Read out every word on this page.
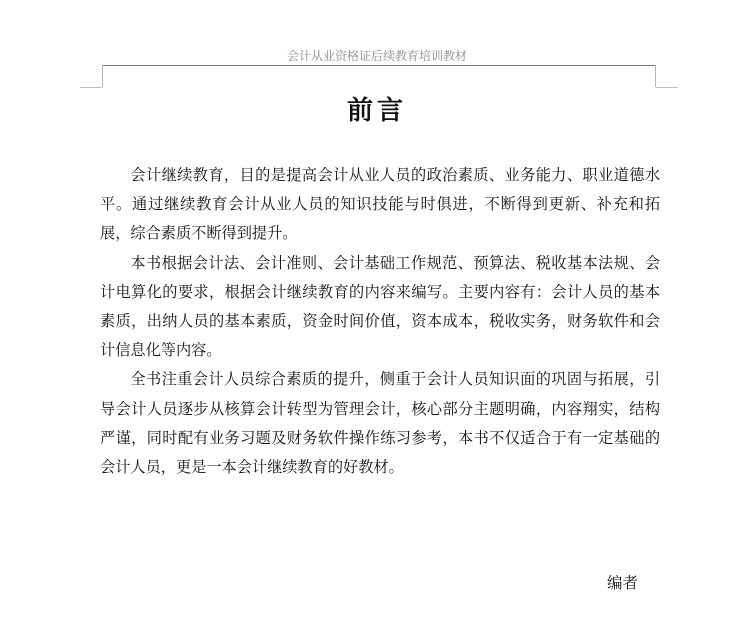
会计从业资格证后续教育培训教材
前言

会计继续教育，目的是提高会计从业人员的政治素质、业务能力、职业道德水平。通过继续教育会计从业人员的知识技能与时俱进，不断得到更新、补充和拓展，综合素质不断得到提升。

本书根据会计法、会计准则、会计基础工作规范、预算法、税收基本法规、会计电算化的要求，根据会计继续教育的内容来编写。主要内容有：会计人员的基本素质，出纳人员的基本素质，资金时间价值，资本成本，税收实务，财务软件和会计信息化等内容。

全书注重会计人员综合素质的提升，侧重于会计人员知识面的巩固与拓展，引导会计人员逐步从核算会计转型为管理会计，核心部分主题明确，内容翔实，结构严谨，同时配有业务习题及财务软件操作练习参考，本书不仅适合于有一定基础的会计人员，更是一本会计继续教育的好教材。

编者
